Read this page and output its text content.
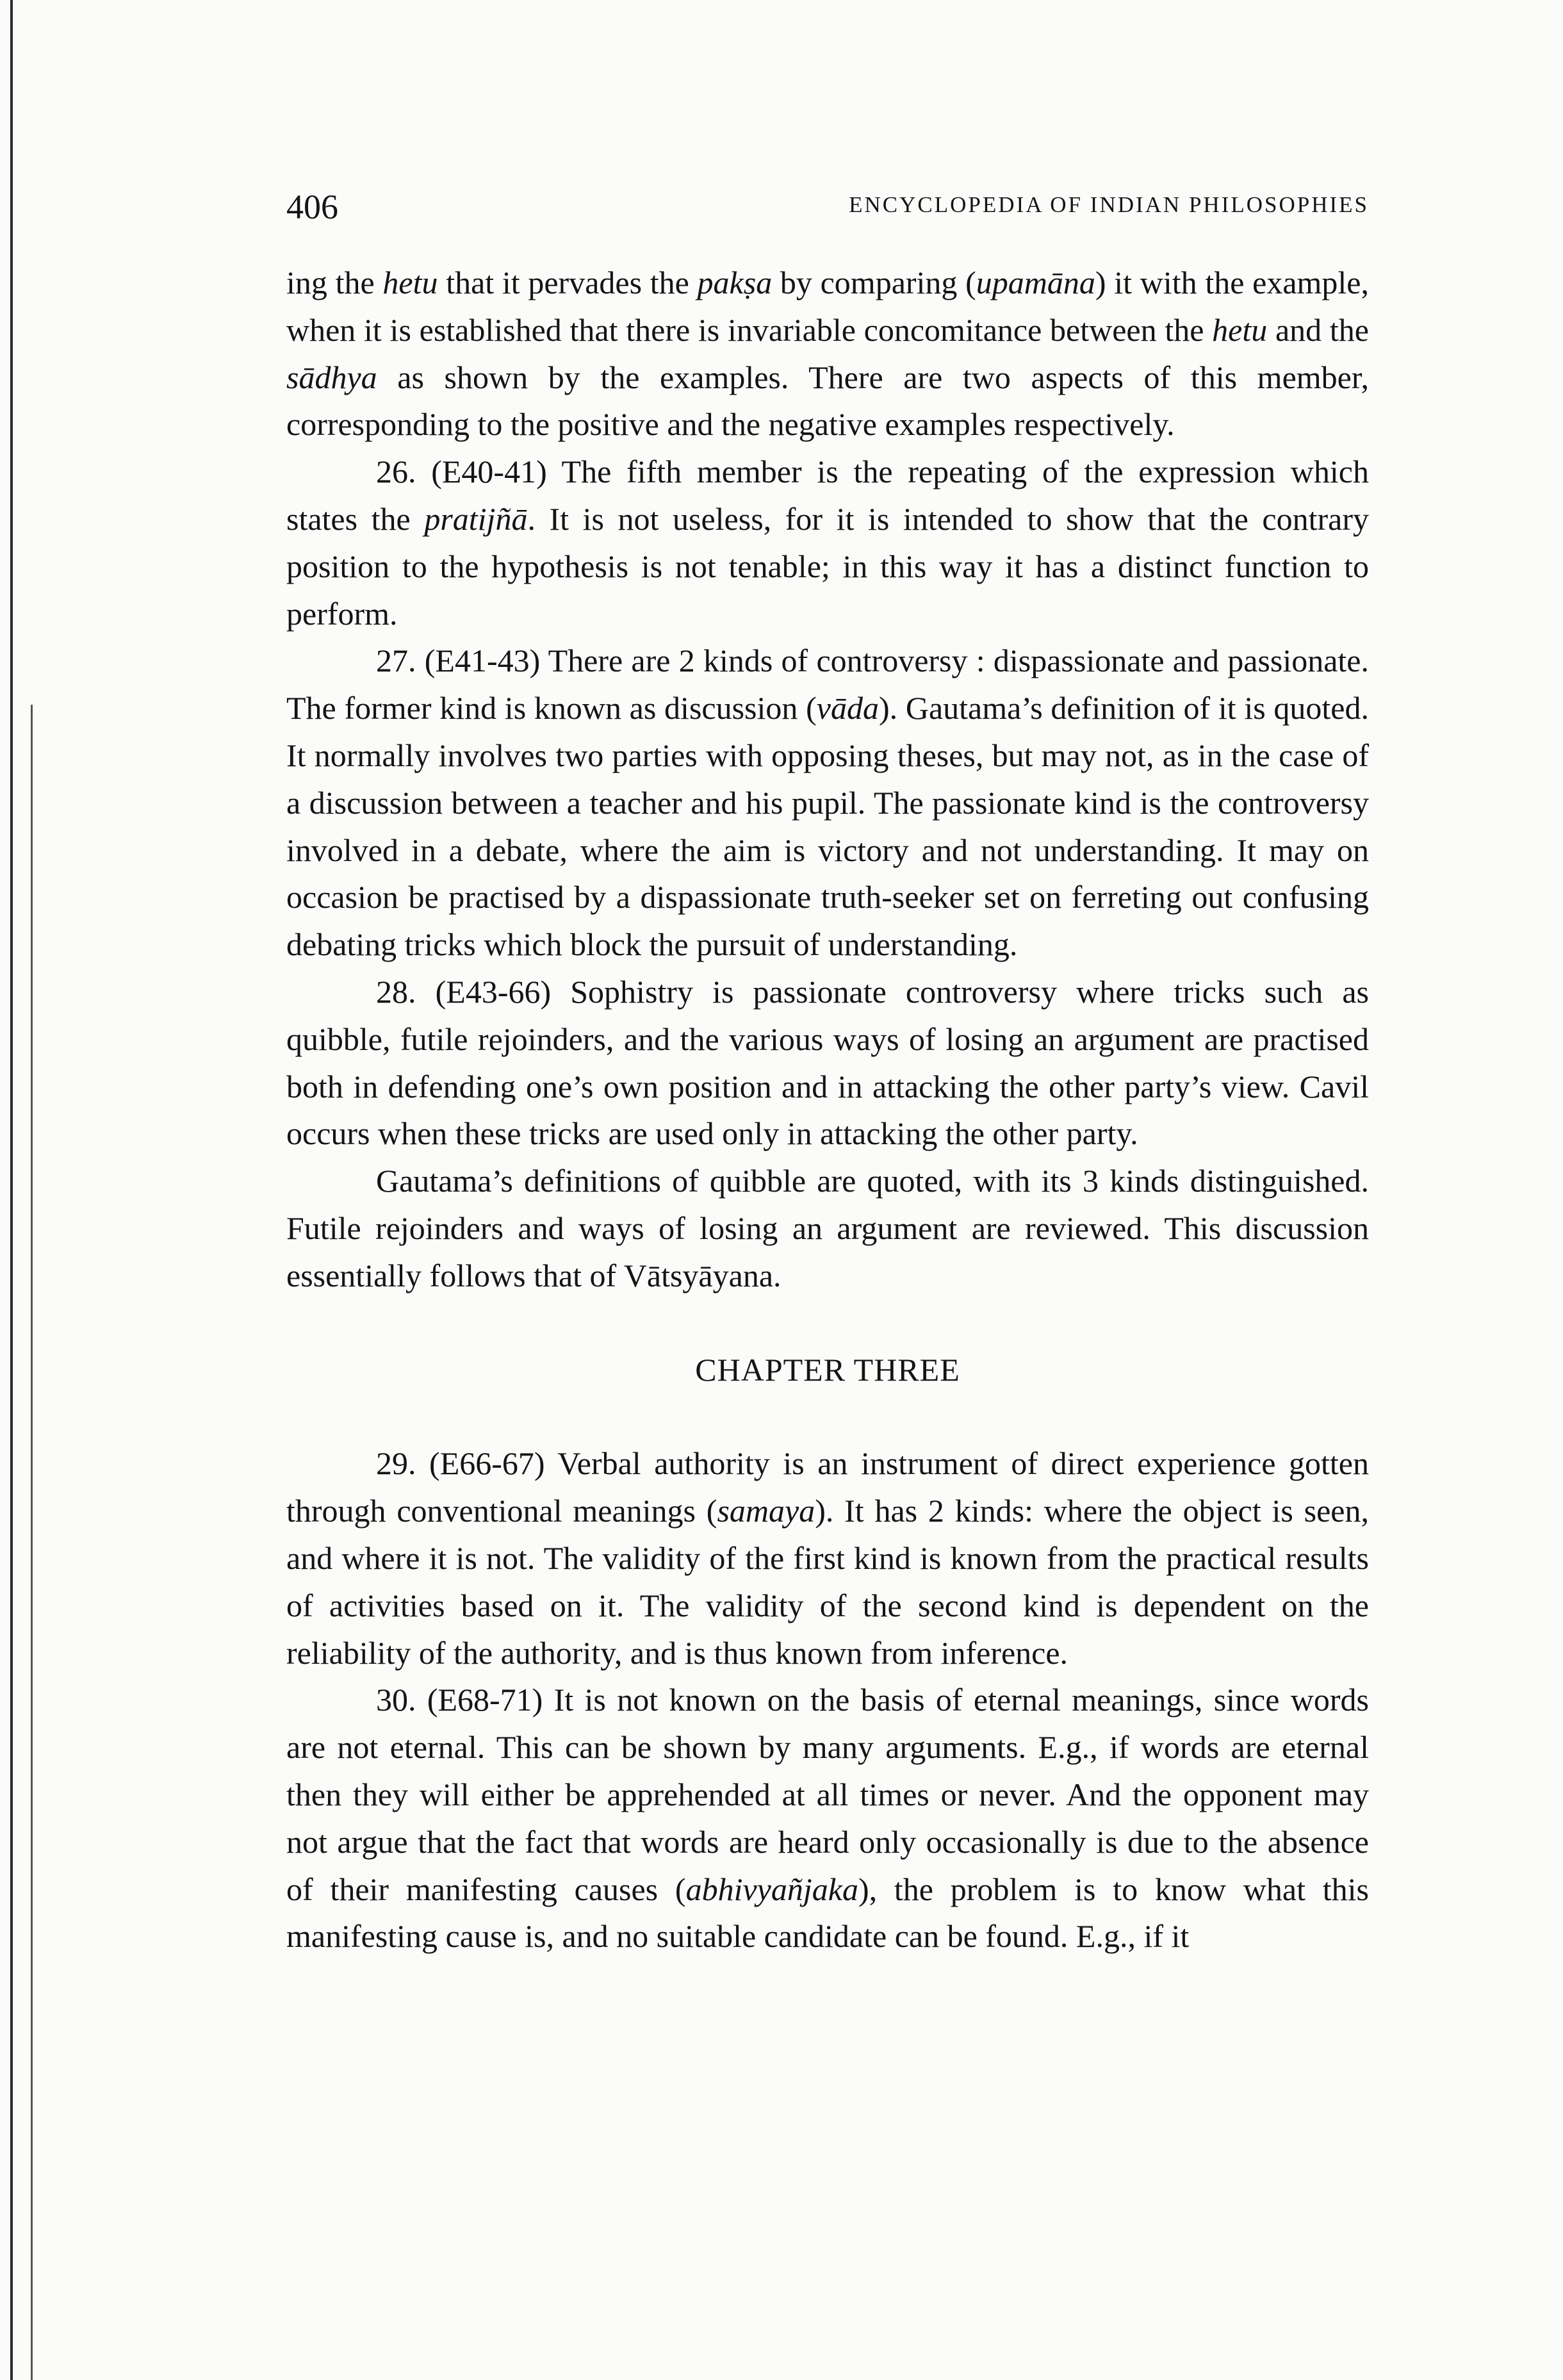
406	ENCYCLOPEDIA OF INDIAN PHILOSOPHIES

ing the hetu that it pervades the pakṣa by comparing (upamāna) it with the example, when it is established that there is invariable concomitance between the hetu and the sādhya as shown by the examples. There are two aspects of this member, corresponding to the positive and the negative examples respectively.

26. (E40-41) The fifth member is the repeating of the expression which states the pratijñā. It is not useless, for it is intended to show that the contrary position to the hypothesis is not tenable; in this way it has a distinct function to perform.

27. (E41-43) There are 2 kinds of controversy : dispassionate and passionate. The former kind is known as discussion (vāda). Gautama’s definition of it is quoted. It normally involves two parties with opposing theses, but may not, as in the case of a discussion between a teacher and his pupil. The passionate kind is the controversy involved in a debate, where the aim is victory and not understanding. It may on occasion be practised by a dispassionate truth-seeker set on ferreting out confusing debating tricks which block the pursuit of understanding.

28. (E43-66) Sophistry is passionate controversy where tricks such as quibble, futile rejoinders, and the various ways of losing an argument are practised both in defending one’s own position and in attacking the other party’s view. Cavil occurs when these tricks are used only in attacking the other party.

Gautama’s definitions of quibble are quoted, with its 3 kinds distinguished. Futile rejoinders and ways of losing an argument are reviewed. This discussion essentially follows that of Vātsyāyana.

CHAPTER THREE

29. (E66-67) Verbal authority is an instrument of direct experience gotten through conventional meanings (samaya). It has 2 kinds: where the object is seen, and where it is not. The validity of the first kind is known from the practical results of activities based on it. The validity of the second kind is dependent on the reliability of the authority, and is thus known from inference.

30. (E68-71) It is not known on the basis of eternal meanings, since words are not eternal. This can be shown by many arguments. E.g., if words are eternal then they will either be apprehended at all times or never. And the opponent may not argue that the fact that words are heard only occasionally is due to the absence of their manifesting causes (abhivyañjaka), the problem is to know what this manifesting cause is, and no suitable candidate can be found. E.g., if it
